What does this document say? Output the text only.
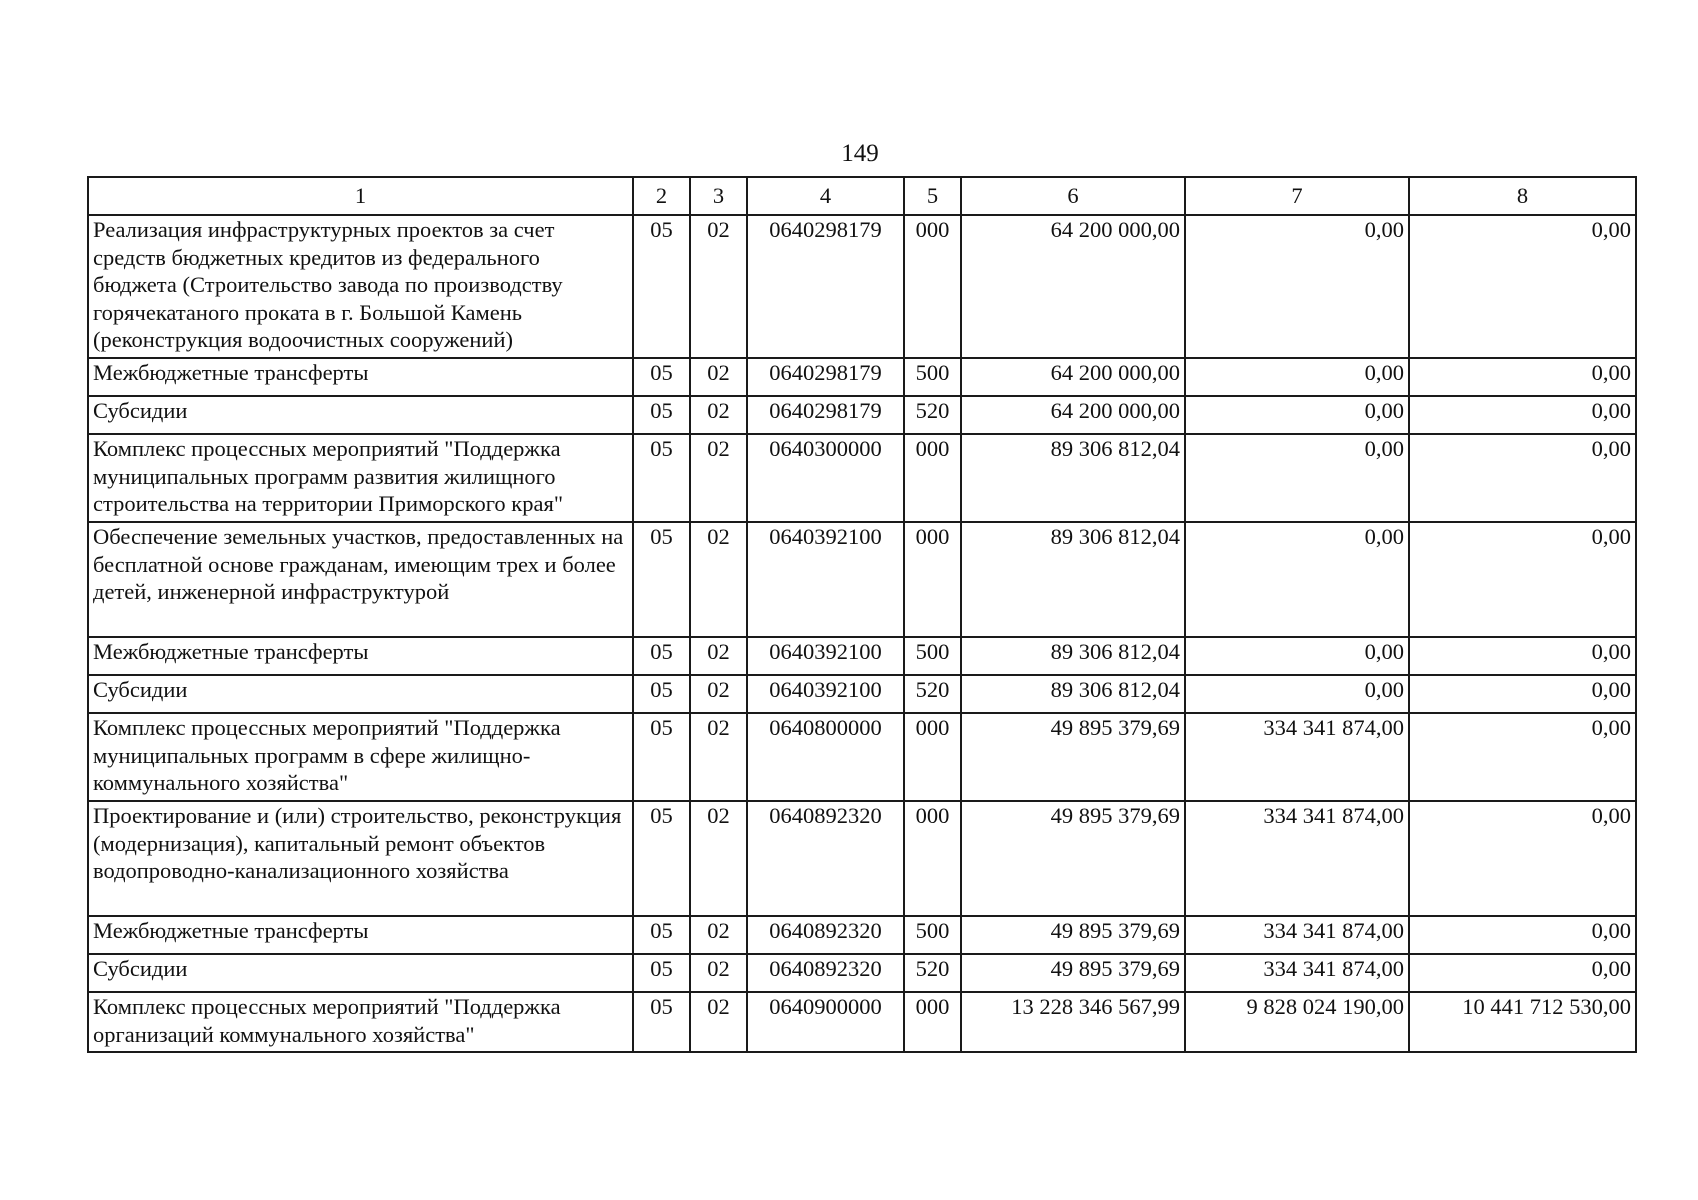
149
1	2	3	4	5	6	7	8
Реализация инфраструктурных проектов за счет средств бюджетных кредитов из федерального бюджета (Строительство завода по производству горячекатаного проката в г. Большой Камень (реконструкция водоочистных сооружений)	05	02	0640298179	000	64 200 000,00	0,00	0,00
Межбюджетные трансферты	05	02	0640298179	500	64 200 000,00	0,00	0,00
Субсидии	05	02	0640298179	520	64 200 000,00	0,00	0,00
Комплекс процессных мероприятий "Поддержка муниципальных программ развития жилищного строительства на территории Приморского края"	05	02	0640300000	000	89 306 812,04	0,00	0,00
Обеспечение земельных участков, предоставленных на бесплатной основе гражданам, имеющим трех и более детей, инженерной инфраструктурой	05	02	0640392100	000	89 306 812,04	0,00	0,00
Межбюджетные трансферты	05	02	0640392100	500	89 306 812,04	0,00	0,00
Субсидии	05	02	0640392100	520	89 306 812,04	0,00	0,00
Комплекс процессных мероприятий "Поддержка муниципальных программ в сфере жилищно-коммунального хозяйства"	05	02	0640800000	000	49 895 379,69	334 341 874,00	0,00
Проектирование и (или) строительство, реконструкция (модернизация), капитальный ремонт объектов водопроводно-канализационного хозяйства	05	02	0640892320	000	49 895 379,69	334 341 874,00	0,00
Межбюджетные трансферты	05	02	0640892320	500	49 895 379,69	334 341 874,00	0,00
Субсидии	05	02	0640892320	520	49 895 379,69	334 341 874,00	0,00
Комплекс процессных мероприятий "Поддержка организаций коммунального хозяйства"	05	02	0640900000	000	13 228 346 567,99	9 828 024 190,00	10 441 712 530,00
